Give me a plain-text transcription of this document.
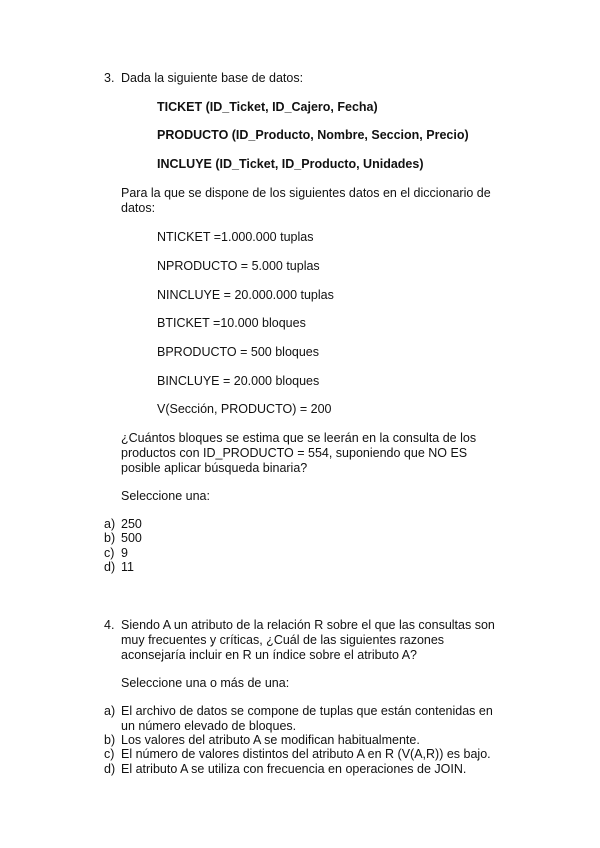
3. Dada la siguiente base de datos:
TICKET (ID_Ticket, ID_Cajero, Fecha)
PRODUCTO (ID_Producto, Nombre, Seccion, Precio)
INCLUYE (ID_Ticket, ID_Producto, Unidades)
Para la que se dispone de los siguientes datos en el diccionario de datos:
NTICKET =1.000.000 tuplas
NPRODUCTO = 5.000 tuplas
NINCLUYE = 20.000.000 tuplas
BTICKET =10.000 bloques
BPRODUCTO = 500 bloques
BINCLUYE = 20.000 bloques
V(Sección, PRODUCTO) = 200
¿Cuántos bloques se estima que se leerán en la consulta de los productos con ID_PRODUCTO = 554, suponiendo que NO ES posible aplicar búsqueda binaria?
Seleccione una:
a) 250
b) 500
c) 9
d) 11
4. Siendo A un atributo de la relación R sobre el que las consultas son muy frecuentes y críticas, ¿Cuál de las siguientes razones aconsejaría incluir en R un índice sobre el atributo A?
Seleccione una o más de una:
a) El archivo de datos se compone de tuplas que están contenidas en un número elevado de bloques.
b) Los valores del atributo A se modifican habitualmente.
c) El número de valores distintos del atributo A en R (V(A,R)) es bajo.
d) El atributo A se utiliza con frecuencia en operaciones de JOIN.
